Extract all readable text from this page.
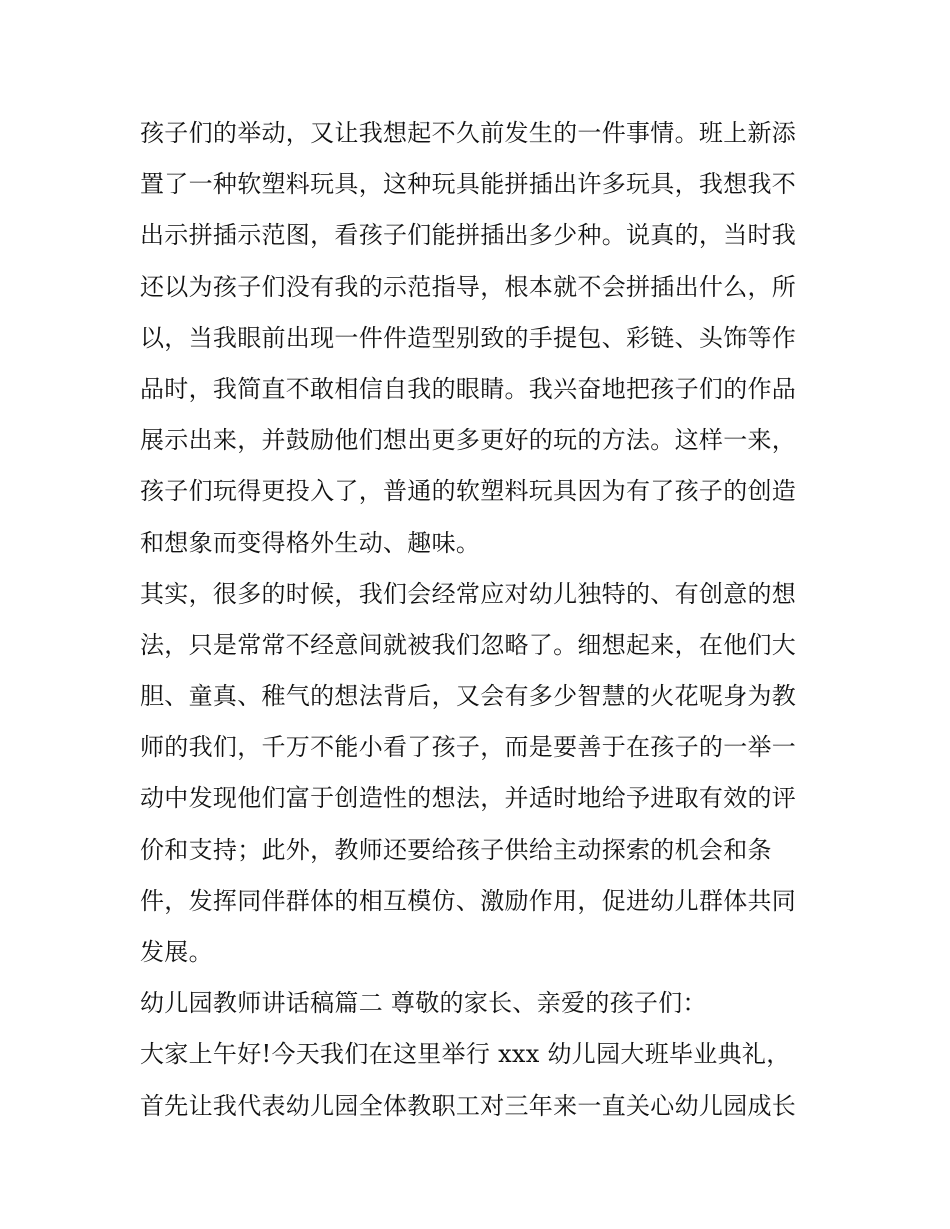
孩子们的举动，又让我想起不久前发生的一件事情。班上新添
置了一种软塑料玩具，这种玩具能拼插出许多玩具，我想我不
出示拼插示范图，看孩子们能拼插出多少种。说真的，当时我
还以为孩子们没有我的示范指导，根本就不会拼插出什么，所
以，当我眼前出现一件件造型别致的手提包、彩链、头饰等作
品时，我简直不敢相信自我的眼睛。我兴奋地把孩子们的作品
展示出来，并鼓励他们想出更多更好的玩的方法。这样一来，
孩子们玩得更投入了，普通的软塑料玩具因为有了孩子的创造
和想象而变得格外生动、趣味。
其实，很多的时候，我们会经常应对幼儿独特的、有创意的想
法，只是常常不经意间就被我们忽略了。细想起来，在他们大
胆、童真、稚气的想法背后，又会有多少智慧的火花呢身为教
师的我们，千万不能小看了孩子，而是要善于在孩子的一举一
动中发现他们富于创造性的想法，并适时地给予进取有效的评
价和支持；此外，教师还要给孩子供给主动探索的机会和条
件，发挥同伴群体的相互模仿、激励作用，促进幼儿群体共同
发展。
幼儿园教师讲话稿篇二 尊敬的家长、亲爱的孩子们：
大家上午好!今天我们在这里举行 xxx 幼儿园大班毕业典礼，
首先让我代表幼儿园全体教职工对三年来一直关心幼儿园成长
